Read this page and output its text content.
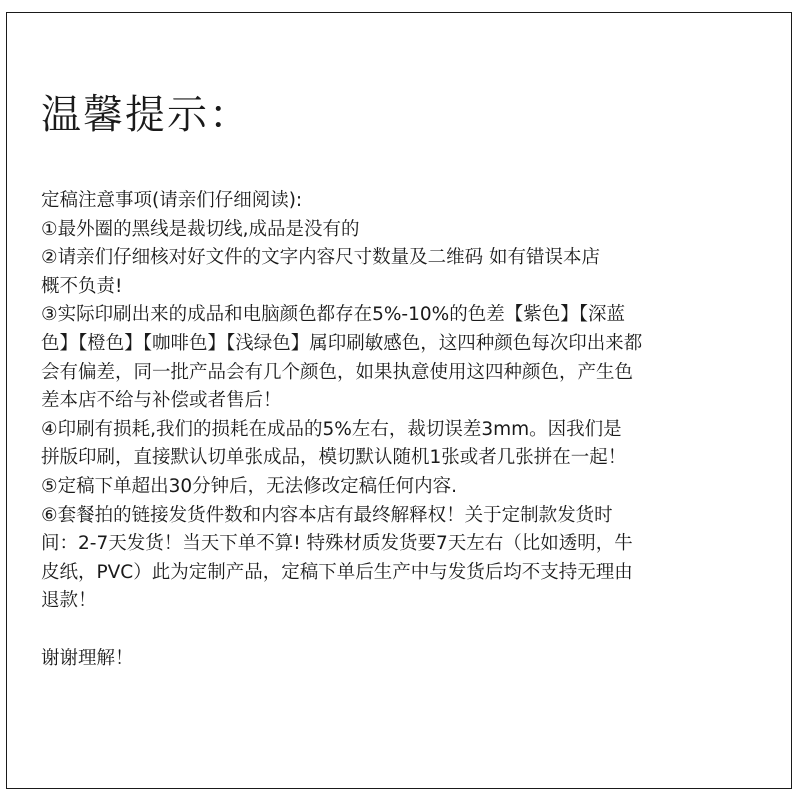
温馨提示：
定稿注意事项(请亲们仔细阅读):
①最外圈的黑线是裁切线,成品是没有的
②请亲们仔细核对好文件的文字内容尺寸数量及二维码 如有错误本店
概不负责!
③实际印刷出来的成品和电脑颜色都存在5%-10%的色差【紫色】【深蓝
色】【橙色】【咖啡色】【浅绿色】属印刷敏感色，这四种颜色每次印出来都
会有偏差，同一批产品会有几个颜色，如果执意使用这四种颜色，产生色
差本店不给与补偿或者售后！
④印刷有损耗,我们的损耗在成品的5%左右，裁切误差3mm。因我们是
拼版印刷，直接默认切单张成品，模切默认随机1张或者几张拼在一起！
⑤定稿下单超出30分钟后，无法修改定稿任何内容.
⑥套餐拍的链接发货件数和内容本店有最终解释权！关于定制款发货时
间：2-7天发货！当天下单不算! 特殊材质发货要7天左右（比如透明，牛
皮纸，PVC）此为定制产品，定稿下单后生产中与发货后均不支持无理由
退款！
谢谢理解！
